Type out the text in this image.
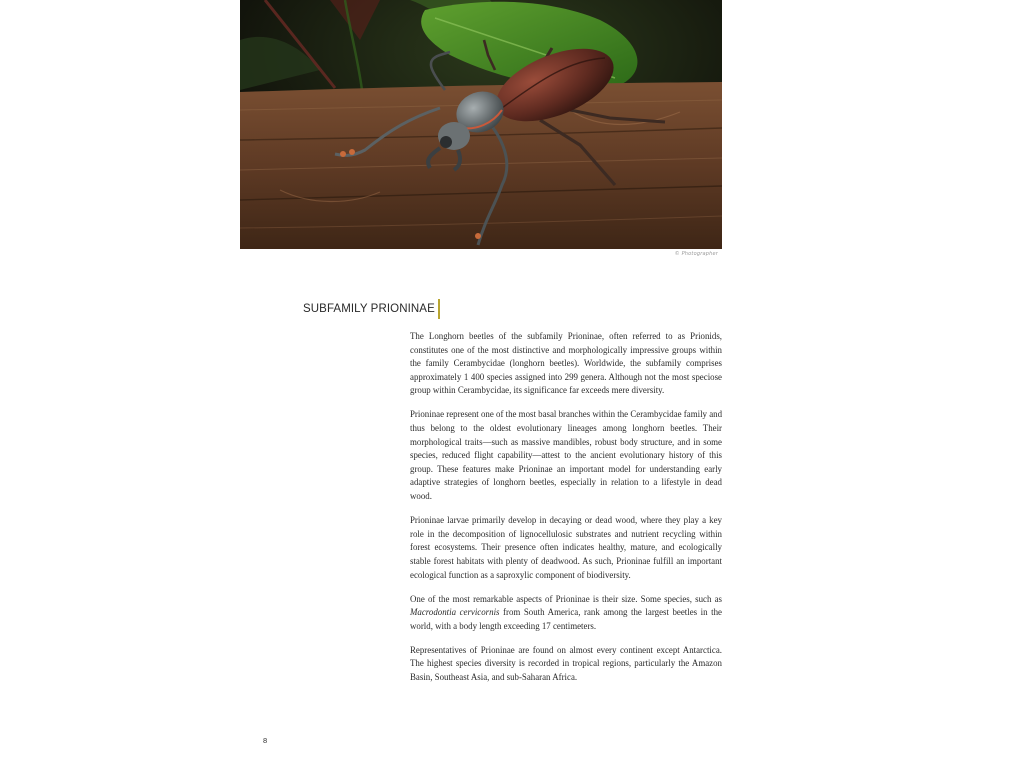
© Photographer
SUBFAMILY PRIONINAE

The Longhorn beetles of the subfamily Prioninae, often referred to as Prionids, constitutes one of the most distinctive and morphologically impressive groups within the family Cerambycidae (longhorn beetles). Worldwide, the subfamily comprises approximately 1 400 species assigned into 299 genera. Although not the most speciose group within Cerambycidae, its significance far exceeds mere diversity.

Prioninae represent one of the most basal branches within the Cerambycidae family and thus belong to the oldest evolutionary lineages among longhorn beetles. Their morphological traits—such as massive mandibles, robust body structure, and in some species, reduced flight capability—attest to the ancient evolutionary history of this group. These features make Prioninae an important model for understanding early adaptive strategies of longhorn beetles, especially in relation to a lifestyle in dead wood.

Prioninae larvae primarily develop in decaying or dead wood, where they play a key role in the decomposition of lignocellulosic substrates and nutrient recycling within forest ecosystems. Their presence often indicates healthy, mature, and ecologically stable forest habitats with plenty of deadwood. As such, Prioninae fulfill an important ecological function as a saproxylic component of biodiversity.

One of the most remarkable aspects of Prioninae is their size. Some species, such as Macrodontia cervicornis from South America, rank among the largest beetles in the world, with a body length exceeding 17 centimeters.

Representatives of Prioninae are found on almost every continent except Antarctica. The highest species diversity is recorded in tropical regions, particularly the Amazon Basin, Southeast Asia, and sub-Saharan Africa.

8
